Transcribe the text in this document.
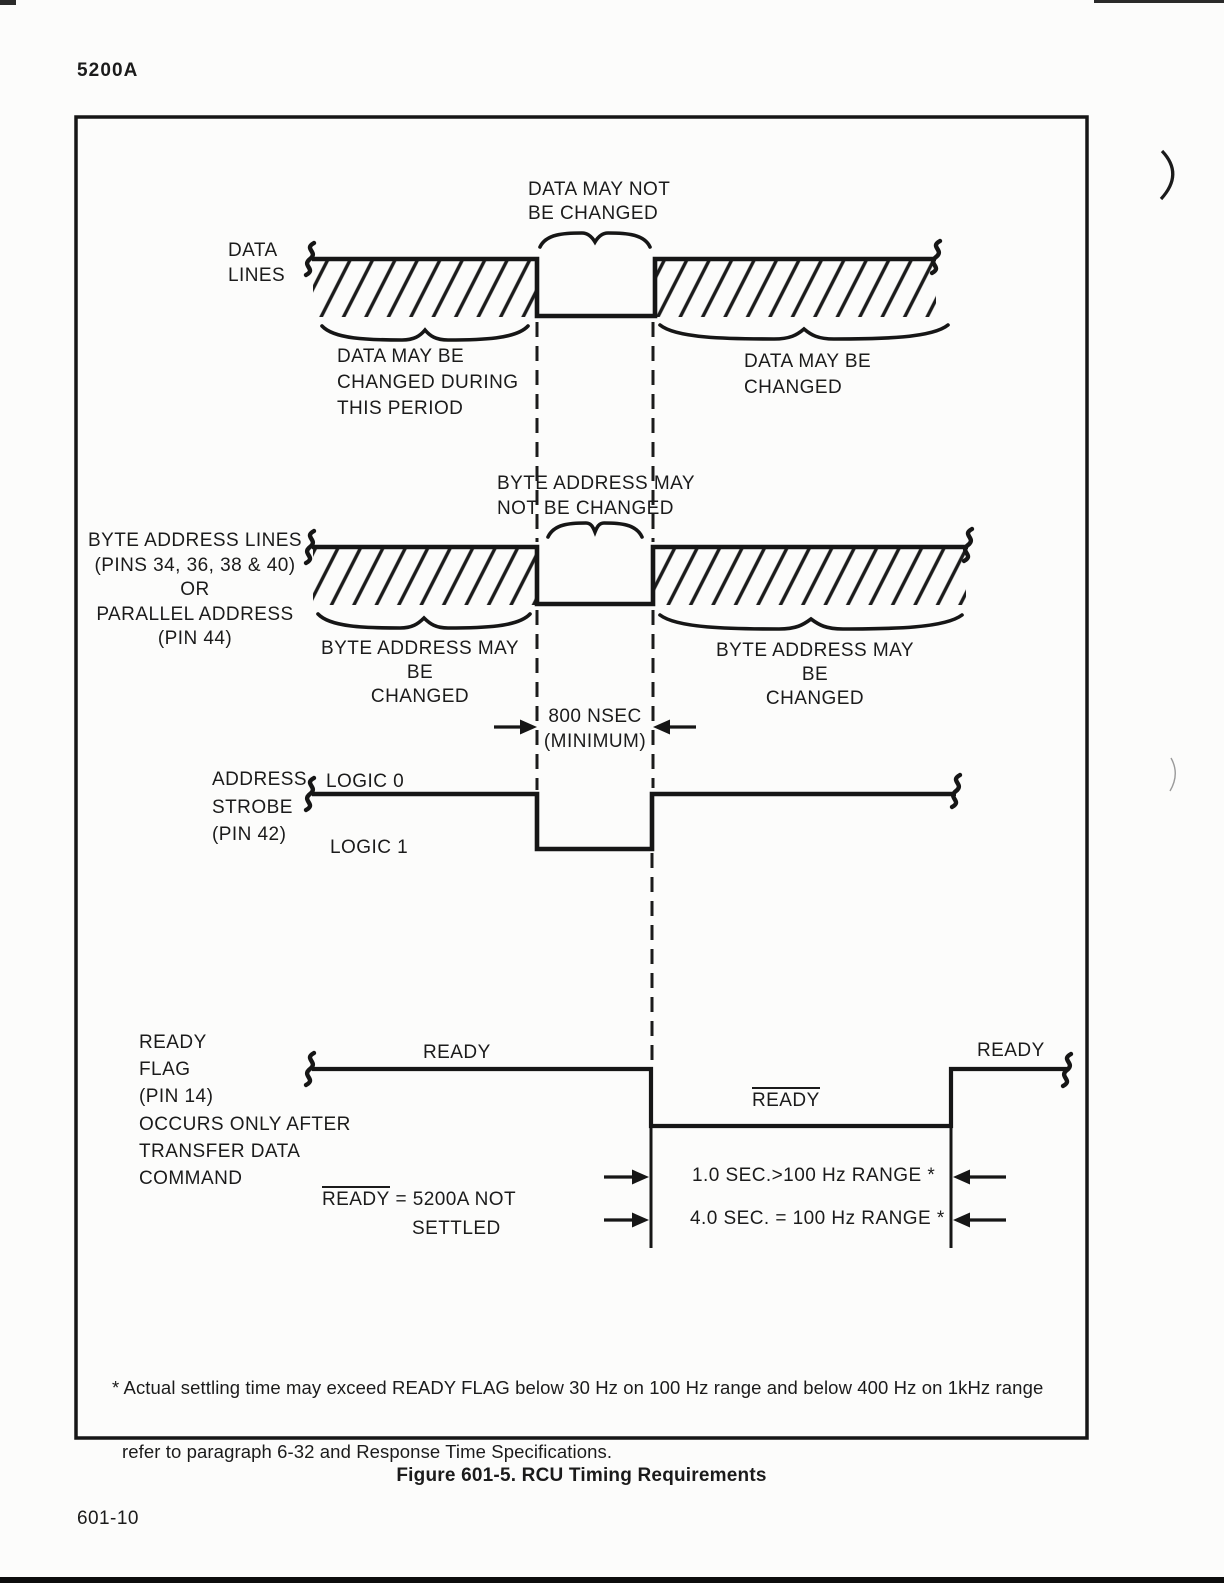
5200A
DATA
LINES
DATA MAY NOT
BE CHANGED
DATA MAY BE
CHANGED DURING
THIS PERIOD
DATA MAY BE
CHANGED
BYTE ADDRESS MAY
NOT BE CHANGED
BYTE ADDRESS LINES
(PINS 34, 36, 38 & 40)
OR
PARALLEL ADDRESS
(PIN 44)	BYTE ADDRESS MAY BE
CHANGED
BYTE ADDRESS MAY BE
CHANGED
800 NSEC
(MINIMUM)
ADDRESS
STROBE
(PIN 42)
LOGIC 0
LOGIC 1
READY
FLAG
(PIN 14)
OCCURS ONLY AFTER
TRANSFER DATA
COMMAND
READY
READY
READY
1.0 SEC.>100 Hz RANGE *
4.0 SEC. = 100 Hz RANGE *
READY = 5200A NOT
SETTLED

* Actual settling time may exceed READY FLAG below 30 Hz on 100 Hz range and below 400 Hz on 1kHz range

refer to paragraph 6-32 and Response Time Specifications.

Figure 601-5. RCU Timing Requirements
601-10
